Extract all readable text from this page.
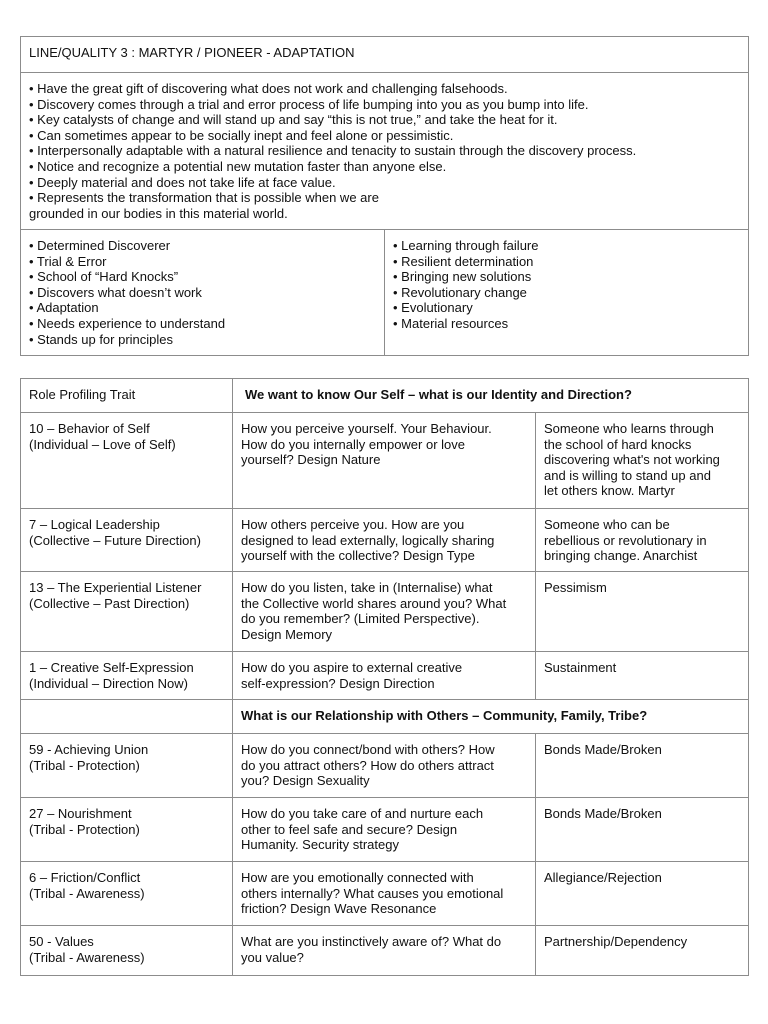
LINE/QUALITY 3 : MARTYR / PIONEER - ADAPTATION

• Have the great gift of discovering what does not work and challenging falsehoods.
• Discovery comes through a trial and error process of life bumping into you as you bump into life.
• Key catalysts of change and will stand up and say “this is not true,” and take the heat for it.
• Can sometimes appear to be socially inept and feel alone or pessimistic.
• Interpersonally adaptable with a natural resilience and tenacity to sustain through the discovery process.
• Notice and recognize a potential new mutation faster than anyone else.
• Deeply material and does not take life at face value.
• Represents the transformation that is possible when we are
grounded in our bodies in this material world.

• Determined Discoverer
• Trial & Error
• School of “Hard Knocks”
• Discovers what doesn’t work
• Adaptation
• Needs experience to understand
• Stands up for principles

• Learning through failure
• Resilient determination
• Bringing new solutions
• Revolutionary change
• Evolutionary
• Material resources
Role Profiling Trait	We want to know Our Self – what is our Identity and Direction?	

10 – Behavior of Self
(Individual – Love of Self)	How you perceive yourself. Your Behaviour.
How do you internally empower or love
yourself? Design Nature	Someone who learns through
the school of hard knocks
discovering what's not working
and is willing to stand up and
let others know. Martyr

7 – Logical Leadership
(Collective – Future Direction)	How others perceive you. How are you
designed to lead externally, logically sharing
yourself with the collective? Design Type	Someone who can be
rebellious or revolutionary in
bringing change. Anarchist

13 – The Experiential Listener
(Collective – Past Direction)	How do you listen, take in (Internalise) what
the Collective world shares around you? What
do you remember? (Limited Perspective).
Design Memory	Pessimism

1 – Creative Self-Expression
(Individual – Direction Now)	How do you aspire to external creative
self-expression? Design Direction	Sustainment

	What is our Relationship with Others – Community, Family, Tribe?	

59 - Achieving Union
(Tribal - Protection)	How do you connect/bond with others? How
do you attract others? How do others attract
you? Design Sexuality	Bonds Made/Broken

27 – Nourishment
(Tribal - Protection)	How do you take care of and nurture each
other to feel safe and secure? Design
Humanity. Security strategy	Bonds Made/Broken

6 – Friction/Conflict
(Tribal - Awareness)	How are you emotionally connected with
others internally? What causes you emotional
friction? Design Wave Resonance	Allegiance/Rejection

50 - Values
(Tribal - Awareness)	What are you instinctively aware of? What do
you value?	Partnership/Dependency
